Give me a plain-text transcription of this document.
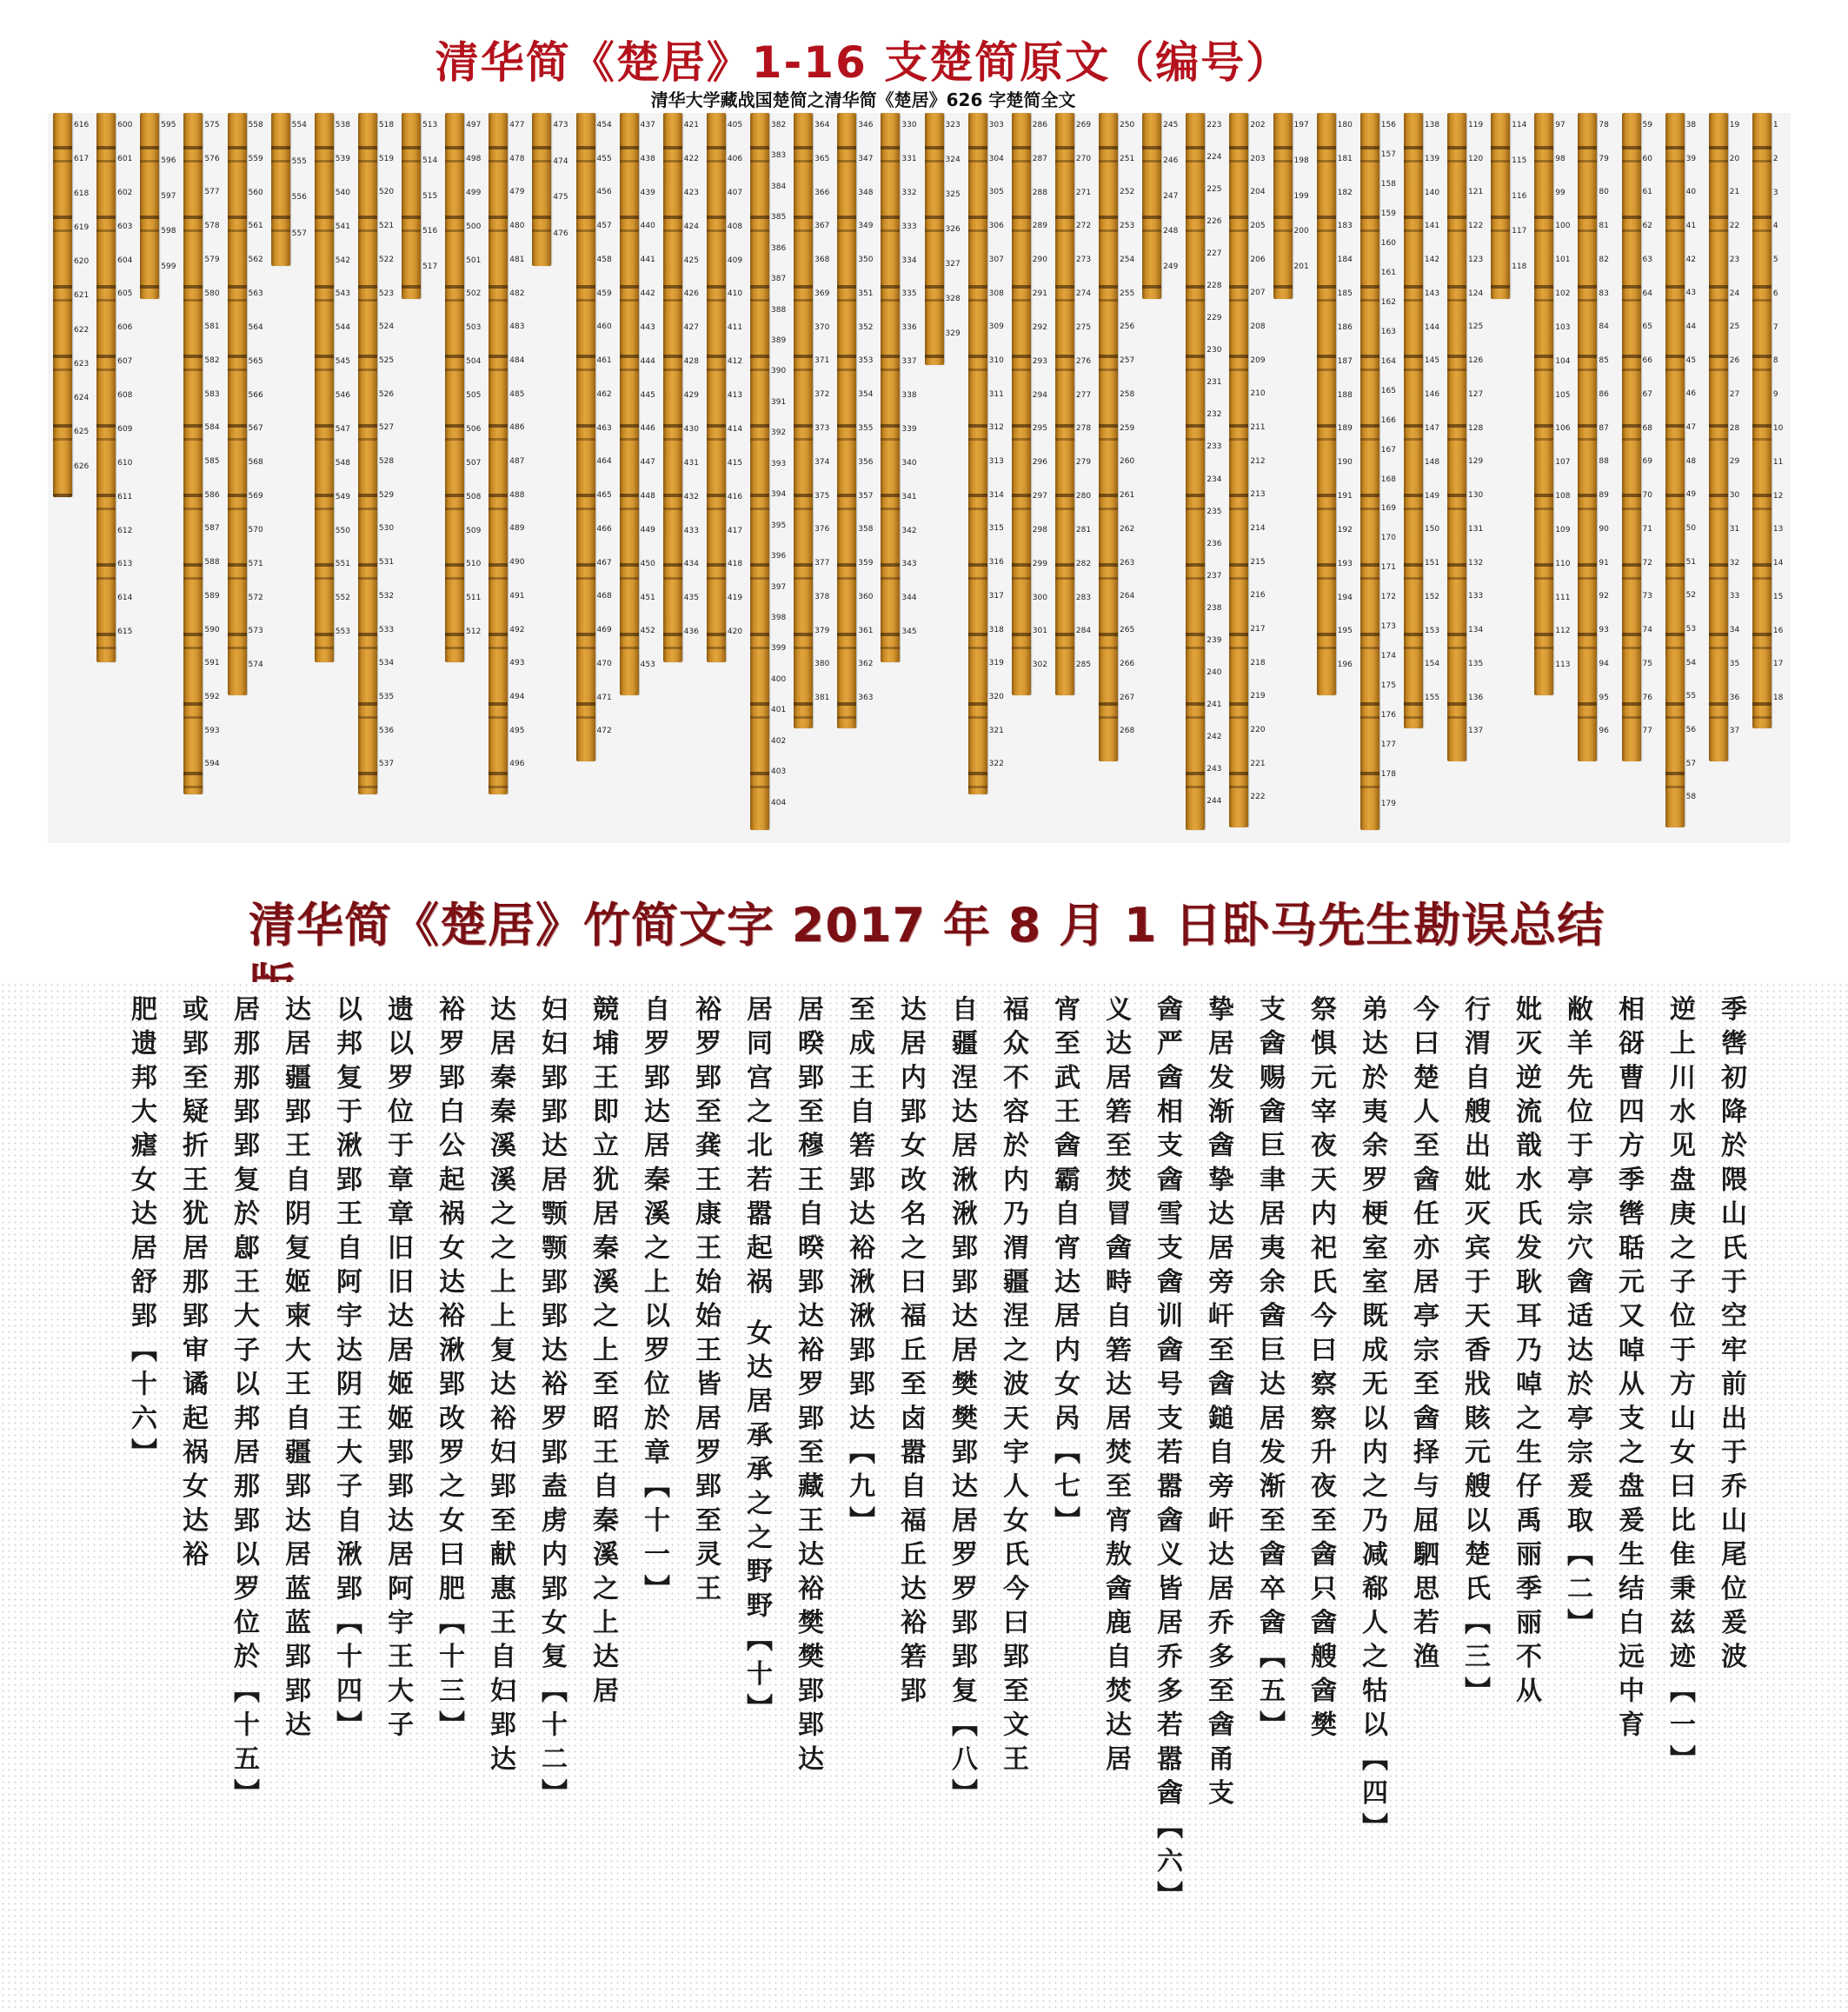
清华简《楚居》1-16 支楚简原文（编号）

清华大学藏战国楚简之清华简《楚居》626 字楚简全文

1
2
3
4
5
6
7
8
9
10
11
12
13
14
15
16
17
18
19
20
21
22
23
24
25
26
27
28
29
30
31
32
33
34
35
36
37
38
39
40
41
42
43
44
45
46
47
48
49
50
51
52
53
54
55
56
57
58
59
60
61
62
63
64
65
66
67
68
69
70
71
72
73
74
75
76
77
78
79
80
81
82
83
84
85
86
87
88
89
90
91
92
93
94
95
96
97
98
99
100
101
102
103
104
105
106
107
108
109
110
111
112
113
114
115
116
117
118
119
120
121
122
123
124
125
126
127
128
129
130
131
132
133
134
135
136
137
138
139
140
141
142
143
144
145
146
147
148
149
150
151
152
153
154
155
156
157
158
159
160
161
162
163
164
165
166
167
168
169
170
171
172
173
174
175
176
177
178
179
180
181
182
183
184
185
186
187
188
189
190
191
192
193
194
195
196
197
198
199
200
201
202
203
204
205
206
207
208
209
210
211
212
213
214
215
216
217
218
219
220
221
222
223
224
225
226
227
228
229
230
231
232
233
234
235
236
237
238
239
240
241
242
243
244
245
246
247
248
249
250
251
252
253
254
255
256
257
258
259
260
261
262
263
264
265
266
267
268
269
270
271
272
273
274
275
276
277
278
279
280
281
282
283
284
285
286
287
288
289
290
291
292
293
294
295
296
297
298
299
300
301
302
303
304
305
306
307
308
309
310
311
312
313
314
315
316
317
318
319
320
321
322
323
324
325
326
327
328
329
330
331
332
333
334
335
336
337
338
339
340
341
342
343
344
345
346
347
348
349
350
351
352
353
354
355
356
357
358
359
360
361
362
363
364
365
366
367
368
369
370
371
372
373
374
375
376
377
378
379
380
381
382
383
384
385
386
387
388
389
390
391
392
393
394
395
396
397
398
399
400
401
402
403
404
405
406
407
408
409
410
411
412
413
414
415
416
417
418
419
420
421
422
423
424
425
426
427
428
429
430
431
432
433
434
435
436
437
438
439
440
441
442
443
444
445
446
447
448
449
450
451
452
453
454
455
456
457
458
459
460
461
462
463
464
465
466
467
468
469
470
471
472
473
474
475
476
477
478
479
480
481
482
483
484
485
486
487
488
489
490
491
492
493
494
495
496
497
498
499
500
501
502
503
504
505
506
507
508
509
510
511
512
513
514
515
516
517
518
519
520
521
522
523
524
525
526
527
528
529
530
531
532
533
534
535
536
537
538
539
540
541
542
543
544
545
546
547
548
549
550
551
552
553
554
555
556
557
558
559
560
561
562
563
564
565
566
567
568
569
570
571
572
573
574
575
576
577
578
579
580
581
582
583
584
585
586
587
588
589
590
591
592
593
594
595
596
597
598
599
600
601
602
603
604
605
606
607
608
609
610
611
612
613
614
615
616
617
618
619
620
621
622
623
624
625
626
清华简《楚居》竹简文字 2017 年 8 月 1 日卧马先生勘误总结
季辔初降於隈山氏于空牢前出于乔山尾位爰波
逆上川水见盘庚之子位于方山女曰比隹秉兹迹【一】
相谺曹四方季辔聒元又啅从支之盘爰生结白远中育
敝羊先位于亭宗穴酓适达於亭宗爰取【二】
妣灭逆流戠水氏发耿耳乃啅之生仔禹丽季丽不从
行渭自艘出妣灭宾于天香戕賅元艘以楚氏【三】
今曰楚人至酓任亦居亭宗至酓择与屈駟思若渔
弟达於夷余罗梗室室既成无以内之乃减郗人之牯以【四】
祭惧元宰夜天内祀氏今曰察察升夜至酓只酓艘酓樊
支酓赐酓巨聿居夷余酓巨达居发渐至酓卒酓【五】
挚居发渐酓挚达居旁屽至酓鎚自旁屽达居乔多至酓甬支
酓严酓相支酓雪支酓训酓号支若嚣酓义皆居乔多若嚣酓【六】
义达居箬至焚冒酓畤自箬达居焚至宵敖酓鹿自焚达居
宵至武王酓霸自宵达居内女呙【七】
福众不容於内乃渭疆涅之波天宇人女氏今曰郢至文王
自疆涅达居湫湫郢郢达居樊樊郢达居罗罗郢郢复【八】
达居内郢女改名之曰福丘至卤嚣自福丘达裕箬郢
至成王自箬郢达裕湫湫郢郢达【九】
居暌郢至穆王自暌郢达裕罗郢至藏王达裕樊樊郢郢达
居同宫之北若嚣起祸 女达居承承之之野野【十】
裕罗郢至龚王康王始始王皆居罗郢至灵王
自罗郢达居秦溪之上以罗位於章【十一】
競埔王即立犹居秦溪之上至昭王自秦溪之上达居
妇妇郢郢达居颚颚郢郢达裕罗郢盍虏内郢女复【十二】
达居秦秦溪溪之之上上复达裕妇郢至献惠王自妇郢达
裕罗郢白公起祸女达裕湫郢改罗之女曰肥【十三】
遗以罗位于章章旧旧达居姬姬郢郢达居阿宇王大子
以邦复于湫郢王自阿宇达阴王大子自湫郢【十四】
达居疆郢王自阴复姬柬大王自疆郢达居蓝蓝郢郢达
居那那郢郢复於鄎王大子以邦居那郢以罗位於【十五】
或郢至疑折王犹居那郢审谲起祸女达裕
肥遗邦大瘧女达居舒郢【十六】
